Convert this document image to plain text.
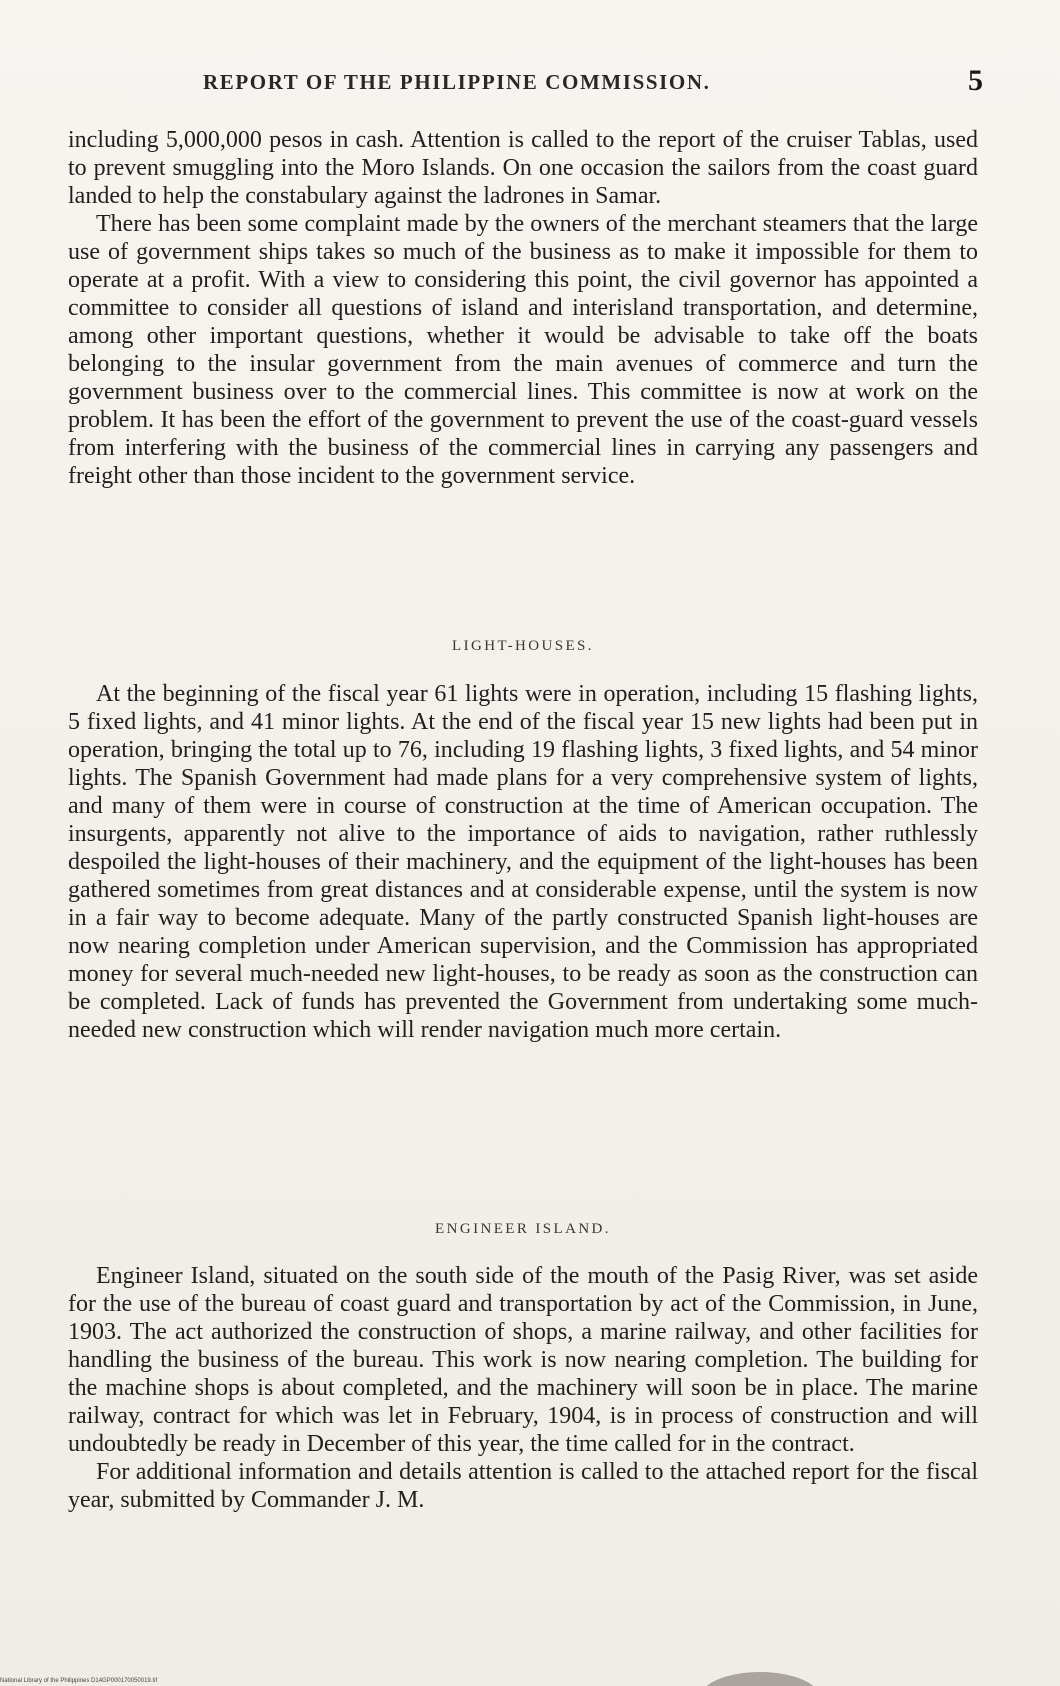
REPORT OF THE PHILIPPINE COMMISSION.	5

including 5,000,000 pesos in cash. Attention is called to the report of the cruiser Tablas, used to prevent smuggling into the Moro Islands. On one occasion the sailors from the coast guard landed to help the constabulary against the ladrones in Samar.

There has been some complaint made by the owners of the merchant steamers that the large use of government ships takes so much of the business as to make it impossible for them to operate at a profit. With a view to considering this point, the civil governor has appointed a committee to consider all questions of island and interisland transportation, and determine, among other important questions, whether it would be advisable to take off the boats belonging to the insular government from the main avenues of commerce and turn the government business over to the commercial lines. This committee is now at work on the problem. It has been the effort of the government to prevent the use of the coast-guard vessels from interfering with the business of the commercial lines in carrying any passengers and freight other than those incident to the government service.

LIGHT-HOUSES.

At the beginning of the fiscal year 61 lights were in operation, including 15 flashing lights, 5 fixed lights, and 41 minor lights. At the end of the fiscal year 15 new lights had been put in operation, bringing the total up to 76, including 19 flashing lights, 3 fixed lights, and 54 minor lights. The Spanish Government had made plans for a very comprehensive system of lights, and many of them were in course of construction at the time of American occupation. The insurgents, apparently not alive to the importance of aids to navigation, rather ruthlessly despoiled the light-houses of their machinery, and the equipment of the light-houses has been gathered sometimes from great distances and at considerable expense, until the system is now in a fair way to become adequate. Many of the partly constructed Spanish light-houses are now nearing completion under American supervision, and the Commission has appropriated money for several much-needed new light-houses, to be ready as soon as the construction can be completed. Lack of funds has prevented the Government from undertaking some much-needed new construction which will render navigation much more certain.

ENGINEER ISLAND.

Engineer Island, situated on the south side of the mouth of the Pasig River, was set aside for the use of the bureau of coast guard and transportation by act of the Commission, in June, 1903. The act authorized the construction of shops, a marine railway, and other facilities for handling the business of the bureau. This work is now nearing completion. The building for the machine shops is about completed, and the machinery will soon be in place. The marine railway, contract for which was let in February, 1904, is in process of construction and will undoubtedly be ready in December of this year, the time called for in the contract.

For additional information and details attention is called to the attached report for the fiscal year, submitted by Commander J. M.

National Library of the Philippines D14GP000170050019.tif
